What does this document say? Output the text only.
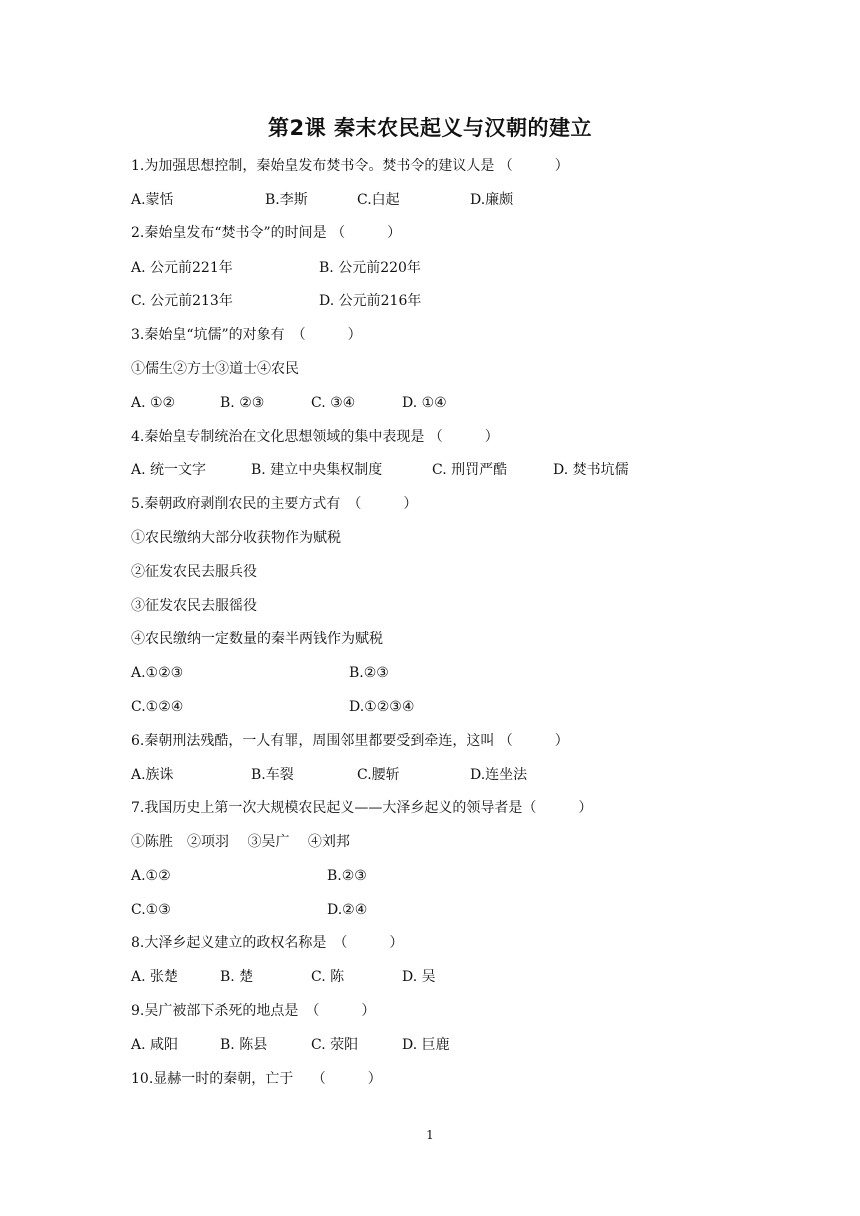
第2课 秦末农民起义与汉朝的建立
1.为加强思想控制，秦始皇发布焚书令。焚书令的建议人是 （　　　）
A.蒙恬	B.李斯	C.白起	D.廉颇
2.秦始皇发布“焚书令”的时间是 （　　　）
A. 公元前221年	B. 公元前220年
C. 公元前213年	D. 公元前216年
3.秦始皇“坑儒”的对象有　（　　　）
①儒生②方士③道士④农民
A. ①②	B. ②③	C. ③④	D. ①④
4.秦始皇专制统治在文化思想领域的集中表现是 （　　　）
A. 统一文字	B. 建立中央集权制度	C. 刑罚严酷	D. 焚书坑儒
5.秦朝政府剥削农民的主要方式有　（　　　）
①农民缴纳大部分收获物作为赋税
②征发农民去服兵役
③征发农民去服徭役
④农民缴纳一定数量的秦半两钱作为赋税
A.①②③	B.②③
C.①②④	D.①②③④
6.秦朝刑法残酷，一人有罪，周围邻里都要受到牵连，这叫 （　　　）
A.族诛	B.车裂	C.腰斩	D.连坐法
7.我国历史上第一次大规模农民起义——大泽乡起义的领导者是（　　　）
①陈胜　②项羽　 ③吴广　 ④刘邦
A.①②	B.②③
C.①③	D.②④
8.大泽乡起义建立的政权名称是　（　　　）
A. 张楚	B. 楚	C. 陈	D. 吴
9.吴广被部下杀死的地点是　（　　　）
A. 咸阳	B. 陈县	C. 荥阳	D. 巨鹿
10.显赫一时的秦朝，亡于　 （　　　）
1
